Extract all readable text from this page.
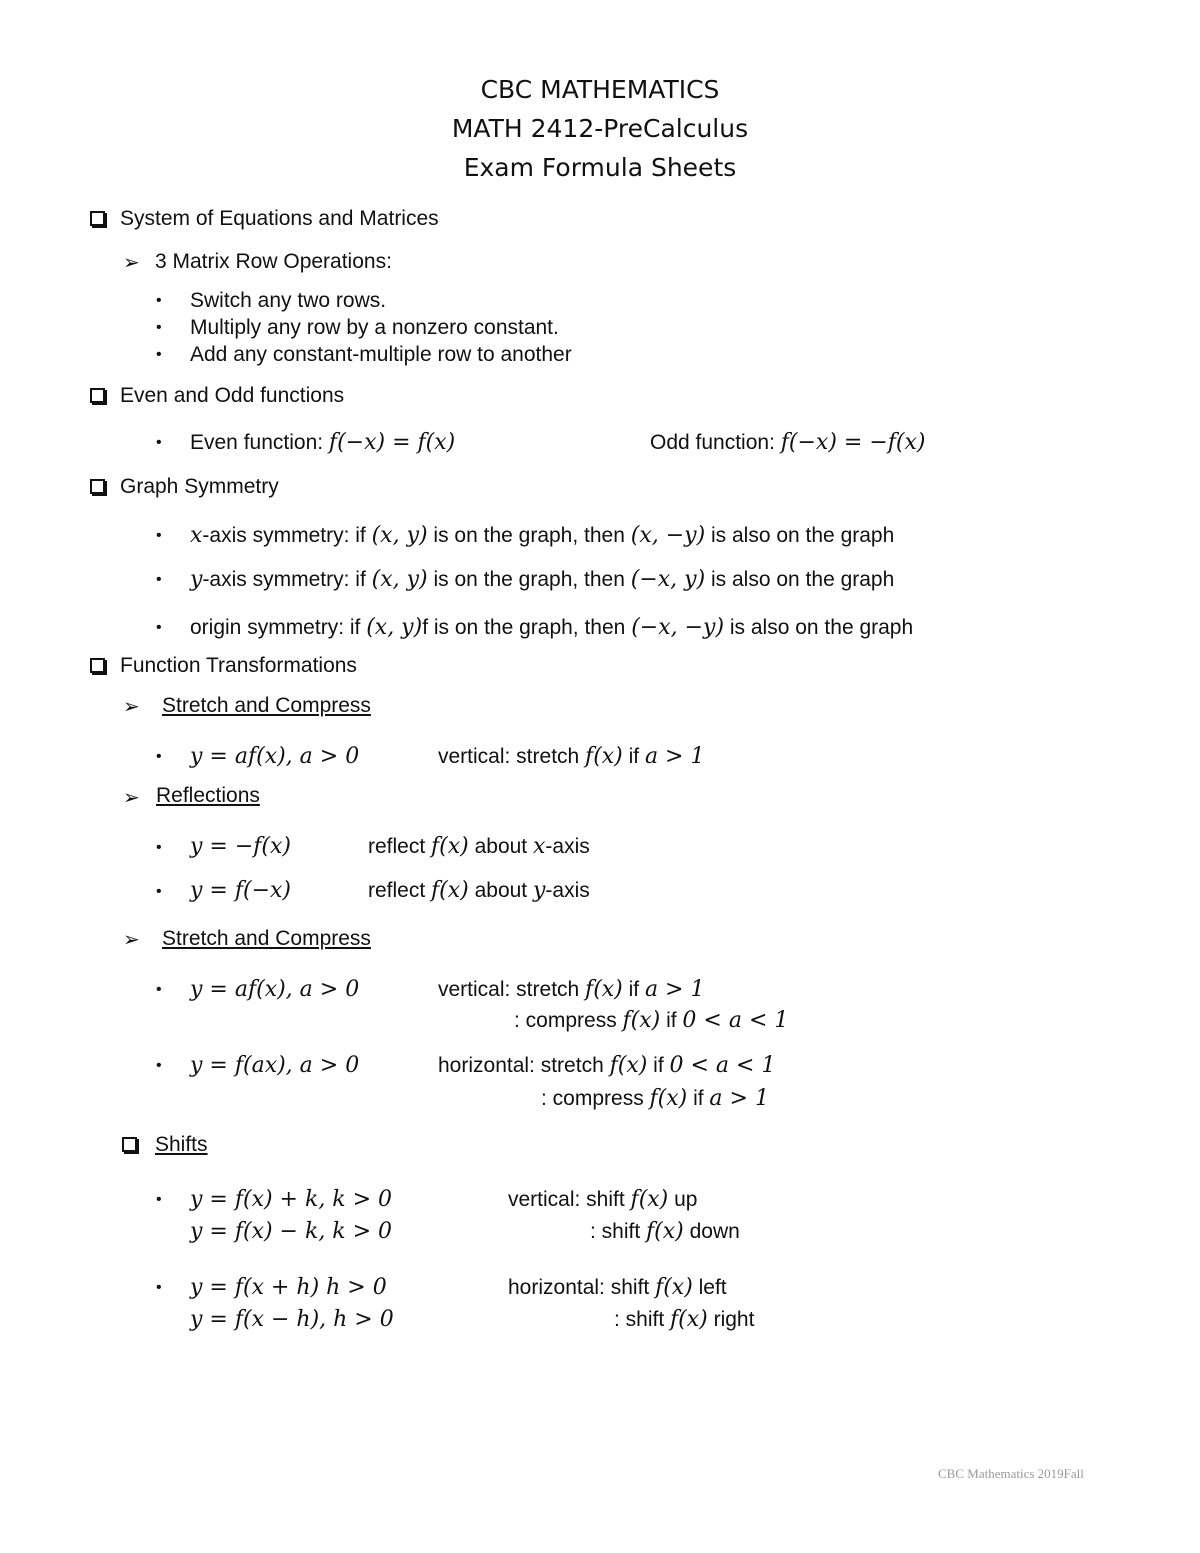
CBC MATHEMATICS
MATH 2412-PreCalculus
Exam Formula Sheets
System of Equations and Matrices
➢ 3 Matrix Row Operations:
• Switch any two rows.
• Multiply any row by a nonzero constant.
• Add any constant-multiple row to another
Even and Odd functions
• Even function: f(−x) = f(x)	Odd function: f(−x) = −f(x)
Graph Symmetry
• x-axis symmetry: if (x, y) is on the graph, then (x, −y) is also on the graph
• y-axis symmetry: if (x, y) is on the graph, then (−x, y) is also on the graph
• origin symmetry: if (x, y)f is on the graph, then (−x, −y) is also on the graph
Function Transformations
➢ Stretch and Compress
• y = af(x), a > 0	vertical: stretch f(x) if a > 1
➢ Reflections
• y = −f(x)	reflect f(x) about x-axis
• y = f(−x)	reflect f(x) about y-axis
➢ Stretch and Compress
• y = af(x), a > 0	vertical: stretch f(x) if a > 1
: compress f(x) if 0 < a < 1
• y = f(ax), a > 0	horizontal: stretch f(x) if 0 < a < 1
: compress f(x) if a > 1
Shifts
• y = f(x) + k, k > 0	vertical: shift f(x) up
y = f(x) − k, k > 0	: shift f(x) down
• y = f(x + h) h > 0	horizontal: shift f(x) left
y = f(x − h), h > 0	: shift f(x) right
CBC Mathematics 2019Fall
